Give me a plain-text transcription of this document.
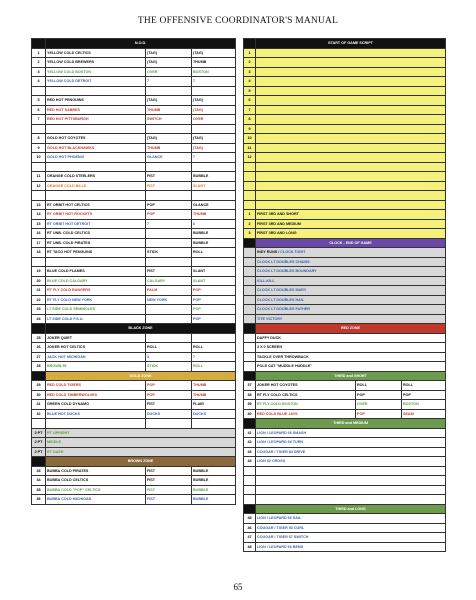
THE OFFENSIVE COORDINATOR'S MANUAL
	N.O.D.		
1	YELLOW COLD CELTICS	(TAG)	(TAG)
2	YELLOW COLD BREWERS	(TAG)	THUMB
3	YELLOW COLD BOSTON	OVER	BOSTON
4	YELLOW COLD DETROIT	7	7

5	RED HOT PENGUINS	(TAG)	(TAG)
6	RED HOT SABRES	THUMB	(TAG)
7	RED HOT PITTSBURGH	SWITCH	OVER

8	GOLD HOT COYOTES	(TAG)	(TAG)
9	GOLD HOT BLACKHAWKS	THUMB	(TAG)
10	GOLD HOT PHOENIX	GLANCE	7

11	ORANGE COLD STEELERS	FIST	BUBBLE
12	ORANGE COLD BILLS	FIST	SLANT

13	RT ORBIT HOT CELTICS	POP	GLANCE
14	RT ORBIT HOT ROCKETS	POP	THUMB
15	RT ORBIT HOT DETROIT	7	6
16	RT UNB. COLD CELTICS		BUBBLE
17	RT UNB. COLD PIRATES		BUBBLE
18	RT TACO HOT PENGUINS	STICK	ROLL

19	BLUE COLD FLAMES	FIST	SLANT
20	BLUE COLD CALGARY	CALGARY	SLANT
21	RT FLY COLD RANGERS	PALM	POP
22	RT FLY COLD NEW YORK	NEW YORK	POP
23	LT SIDE COLD SEMINOLES		POP
24	LT SIDE COLD F.S.U.		POP
	BLACK ZONE		
25	JOKER QUIET		
26	JOKER HOT CELTICS	ROLL	ROLL
27	JACK HOT MICHIGAN	3	7
28	BROWN 99	STICK	ROLL
	GOLD ZONE		
29	RED COLD TIGERS	POP	THUMB
30	RED COLD TIMBERWOLVES	POP	THUMB
31	GREEN COLD DYNAMO	FIST	FLAIR
32	BLUE HOT DUCKS	DUCKS	DUCKS

2 PT	RT UPRIGHT		
2 PT	MIDDLE		
2 PT	RT DASH		
	BROWN ZONE		
33	BUBBA COLD PIRATES	FIST	BUBBLE
34	BUBBA COLD CELTICS	FIST	BUBBLE
35	BUBBA COLD "POP" CELTICS	FIST	BUBBLE
36	BUBBA COLD MICHIGAN	FIST	BUBBLE
	START OF GAME SCRIPT		
1			
2			
3			
4			
5			
6			
7			
8			
9			
10			
11			
12			

1	FIRST 3RD AND SHORT		
2	FIRST 3RD AND MEDIUM		
3	FIRST 3RD AND LONG		
	CLOCK - END OF GAME		
	INDY RUNS / CLOCK TIGHT		
	CLOCK LT DOUBLES CHAINS		
	CLOCK LT DOUBLES BOUNDARY		
	KILL-KILL		
	CLOCK LT DOUBLES MARY		
	CLOCK LT DOUBLES HAIL		
	CLOCK LT DOUBLES FATHER		
	TITE VICTORY		
	RED ZONE		
	DAFFY DUCK		
	3 X 0 SCREEN		
	TACKLE OVER THROWBACK		
	POLE CAT "MUDDLE HUDDLE"		
	THIRD and SHORT		
37	JOKER HOT COYOTES	ROLL	ROLL
38	RT FLY COLD CELTICS	POP	POP
39	RT FLY COLD BOSTON	OVER	BOSTON
40	RED COLD BLUE JAYS	POP	SEAM
	THIRD and MEDIUM		
41	LION / LEOPARD 66 SMASH		
42	LION / LEOPARD 66 TURN		
43	COUGAR / TIGER 84 DRIVE		
44	LION 62 CROSS		

	THIRD and LONG		
45	LION / LEOPARD 66 SAIL		
46	COUGAR / TIGER 53 CURL		
47	COUGAR / TIGER 67 SWITCH		
48	LION / LEOPARD 66 BEND		
65
